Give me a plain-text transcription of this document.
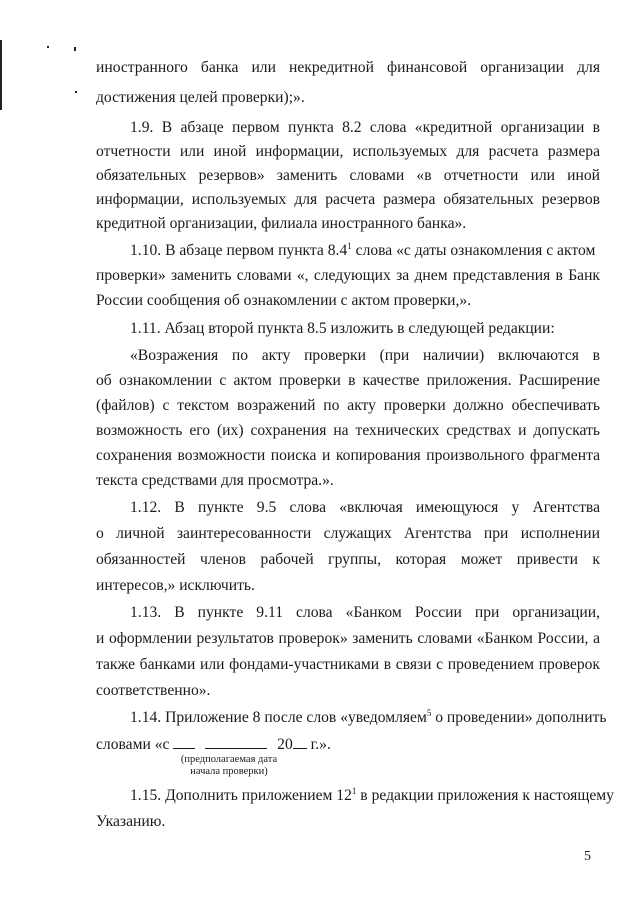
иностранного банка или некредитной финансовой организации для
достижения целей проверки);».
1.9. В абзаце первом пункта 8.2 слова «кредитной организации в
отчетности или иной информации, используемых для расчета размера
обязательных резервов» заменить словами «в отчетности или иной
информации, используемых для расчета размера обязательных резервов
кредитной организации, филиала иностранного банка».
1.10. В абзаце первом пункта $8.4^1$ слова «с даты ознакомления с актом
проверки» заменить словами «, следующих за днем представления в Банк
России сообщения об ознакомлении с актом проверки,».
1.11. Абзац второй пункта 8.5 изложить в следующей редакции:
«Возражения по акту проверки (при наличии) включаются в
об ознакомлении с актом проверки в качестве приложения. Расширение
(файлов) с текстом возражений по акту проверки должно обеспечивать
возможность его (их) сохранения на технических средствах и допускать
сохранения возможности поиска и копирования произвольного фрагмента
текста средствами для просмотра.».
1.12. В пункте 9.5 слова «включая имеющуюся у Агентства
о личной заинтересованности служащих Агентства при исполнении
обязанностей членов рабочей группы, которая может привести к
интересов,» исключить.
1.13. В пункте 9.11 слова «Банком России при организации,
и оформлении результатов проверок» заменить словами «Банком России, а
также банками или фондами-участниками в связи с проведением проверок
соответственно».
1.14. Приложение 8 после слов «уведомляем$^5$ о проведении» дополнить
словами «с	20 г.».
(предполагаемая дата
начала проверки)
1.15. Дополнить приложением $12^1$ в редакции приложения к настоящему
Указанию.
5
